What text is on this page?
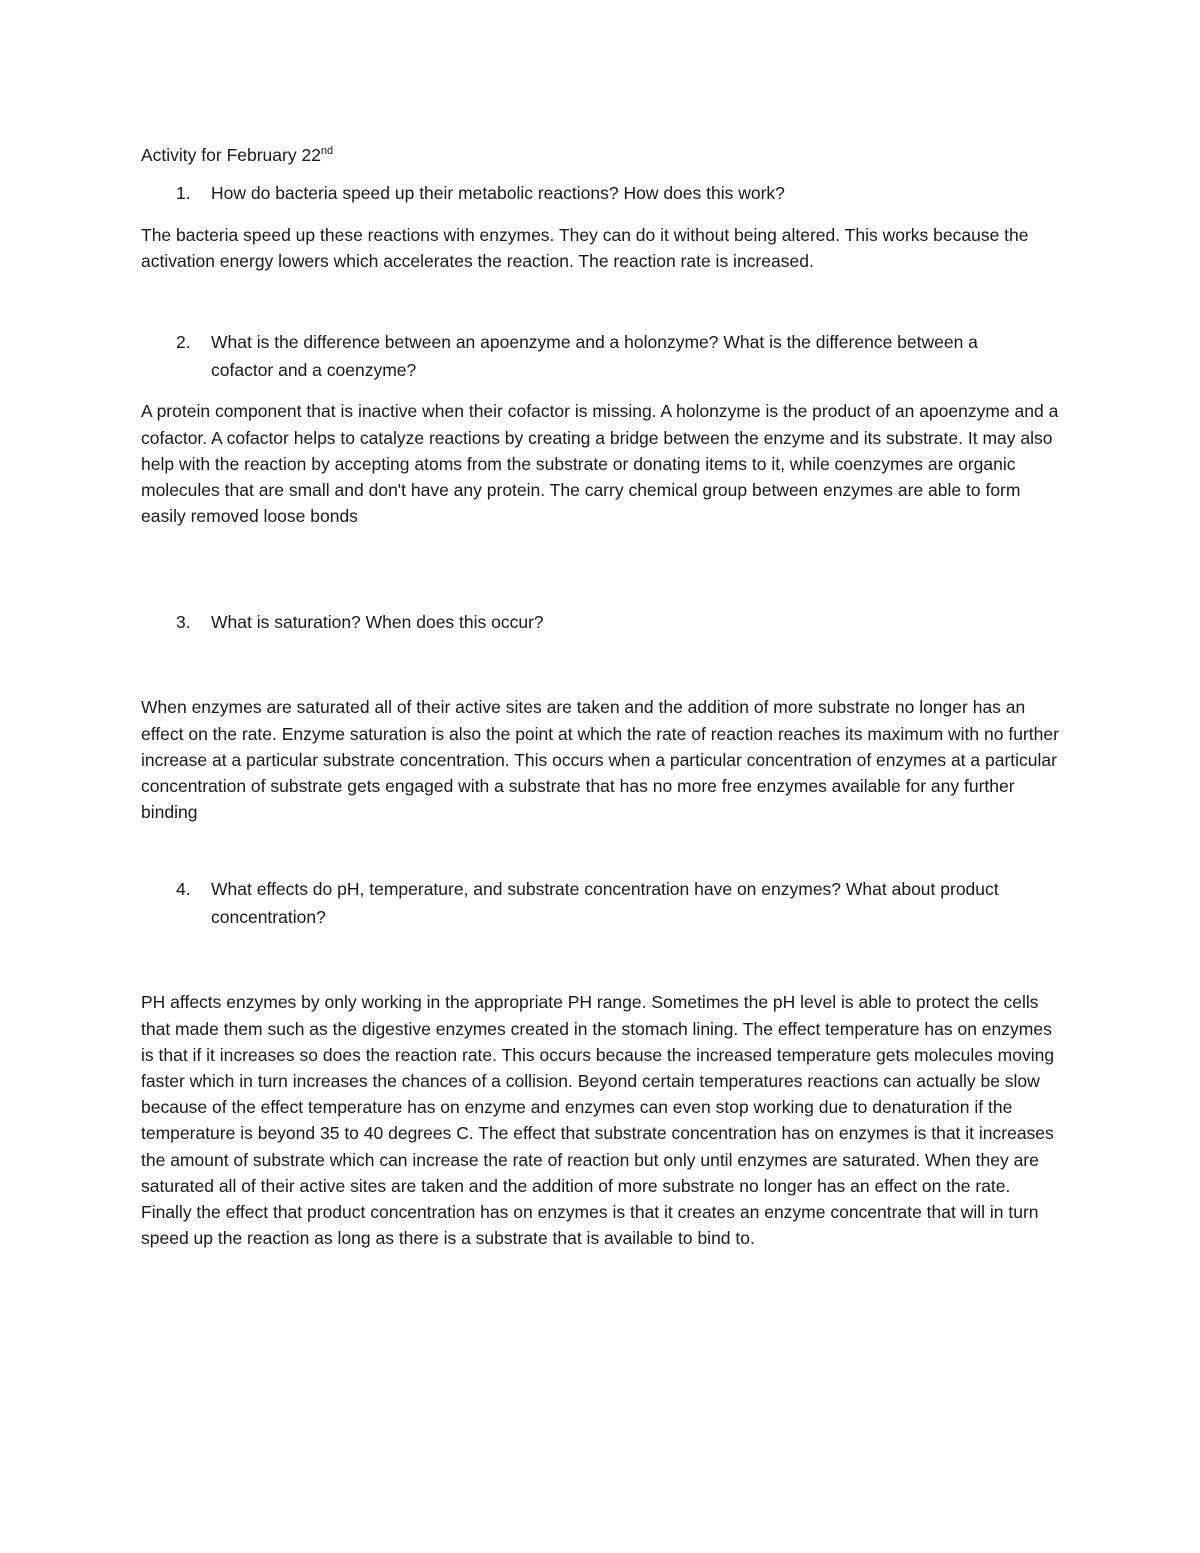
Activity for February 22nd
1.	How do bacteria speed up their metabolic reactions? How does this work?

The bacteria speed up these reactions with enzymes. They can do it without being altered. This works because the activation energy lowers which accelerates the reaction. The reaction rate is increased.

2.	What is the difference between an apoenzyme and a holonzyme? What is the difference between a cofactor and a coenzyme?

A protein component that is inactive when their cofactor is missing. A holonzyme is the product of an apoenzyme and a cofactor. A cofactor helps to catalyze reactions by creating a bridge between the enzyme and its substrate. It may also help with the reaction by accepting atoms from the substrate or donating items to it, while coenzymes are organic molecules that are small and don't have any protein. The carry chemical group between enzymes are able to form easily removed loose bonds

3.	What is saturation? When does this occur?

When enzymes are saturated all of their active sites are taken and the addition of more substrate no longer has an effect on the rate. Enzyme saturation is also the point at which the rate of reaction reaches its maximum with no further increase at a particular substrate concentration. This occurs when a particular concentration of enzymes at a particular concentration of substrate gets engaged with a substrate that has no more free enzymes available for any further binding

4.	What effects do pH, temperature, and substrate concentration have on enzymes? What about product concentration?

PH affects enzymes by only working in the appropriate PH range. Sometimes the pH level is able to protect the cells that made them such as the digestive enzymes created in the stomach lining. The effect temperature has on enzymes is that if it increases so does the reaction rate. This occurs because the increased temperature gets molecules moving faster which in turn increases the chances of a collision. Beyond certain temperatures reactions can actually be slow because of the effect temperature has on enzyme and enzymes can even stop working due to denaturation if the temperature is beyond 35 to 40 degrees C. The effect that substrate concentration has on enzymes is that it increases the amount of substrate which can increase the rate of reaction but only until enzymes are saturated. When they are saturated all of their active sites are taken and the addition of more substrate no longer has an effect on the rate. Finally the effect that product concentration has on enzymes is that it creates an enzyme concentrate that will in turn speed up the reaction as long as there is a substrate that is available to bind to.
